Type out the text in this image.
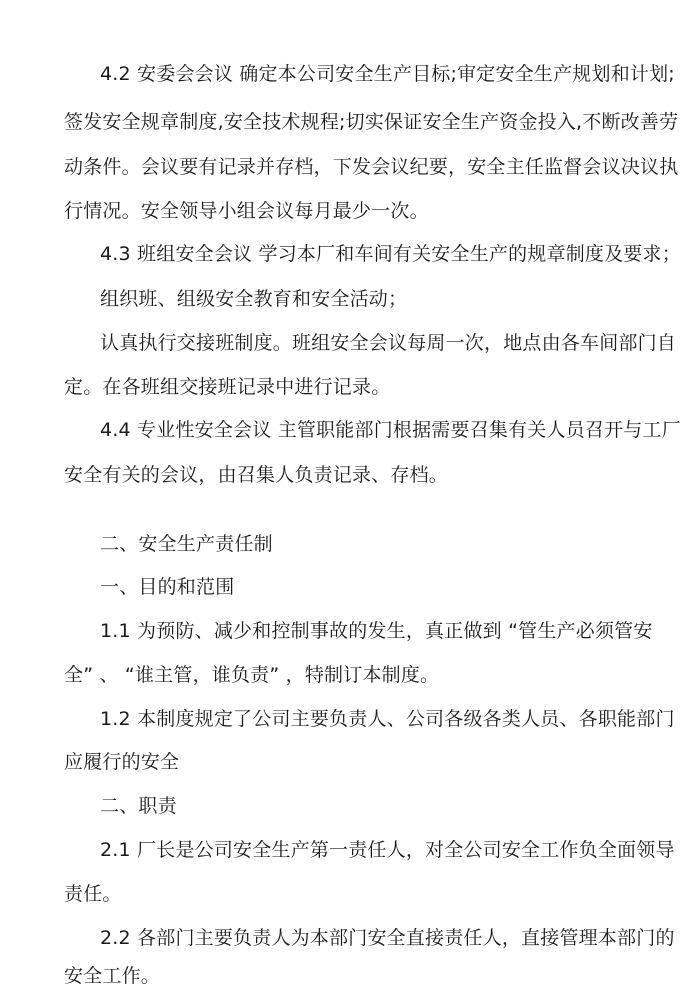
4.2 安委会会议 确定本公司安全生产目标;审定安全生产规划和计划;
签发安全规章制度,安全技术规程;切实保证安全生产资金投入,不断改善劳
动条件。会议要有记录并存档，下发会议纪要，安全主任监督会议决议执
行情况。安全领导小组会议每月最少一次。
4.3 班组安全会议 学习本厂和车间有关安全生产的规章制度及要求；
组织班、组级安全教育和安全活动；
认真执行交接班制度。班组安全会议每周一次，地点由各车间部门自
定。在各班组交接班记录中进行记录。
4.4 专业性安全会议 主管职能部门根据需要召集有关人员召开与工厂
安全有关的会议，由召集人负责记录、存档。
二、安全生产责任制
一、目的和范围
1.1 为预防、减少和控制事故的发生，真正做到 “管生产必须管安
全” 、 “谁主管，谁负责” ，特制订本制度。
1.2 本制度规定了公司主要负责人、公司各级各类人员、各职能部门
应履行的安全
二、职责
2.1 厂长是公司安全生产第一责任人，对全公司安全工作负全面领导
责任。
2.2 各部门主要负责人为本部门安全直接责任人，直接管理本部门的
安全工作。
